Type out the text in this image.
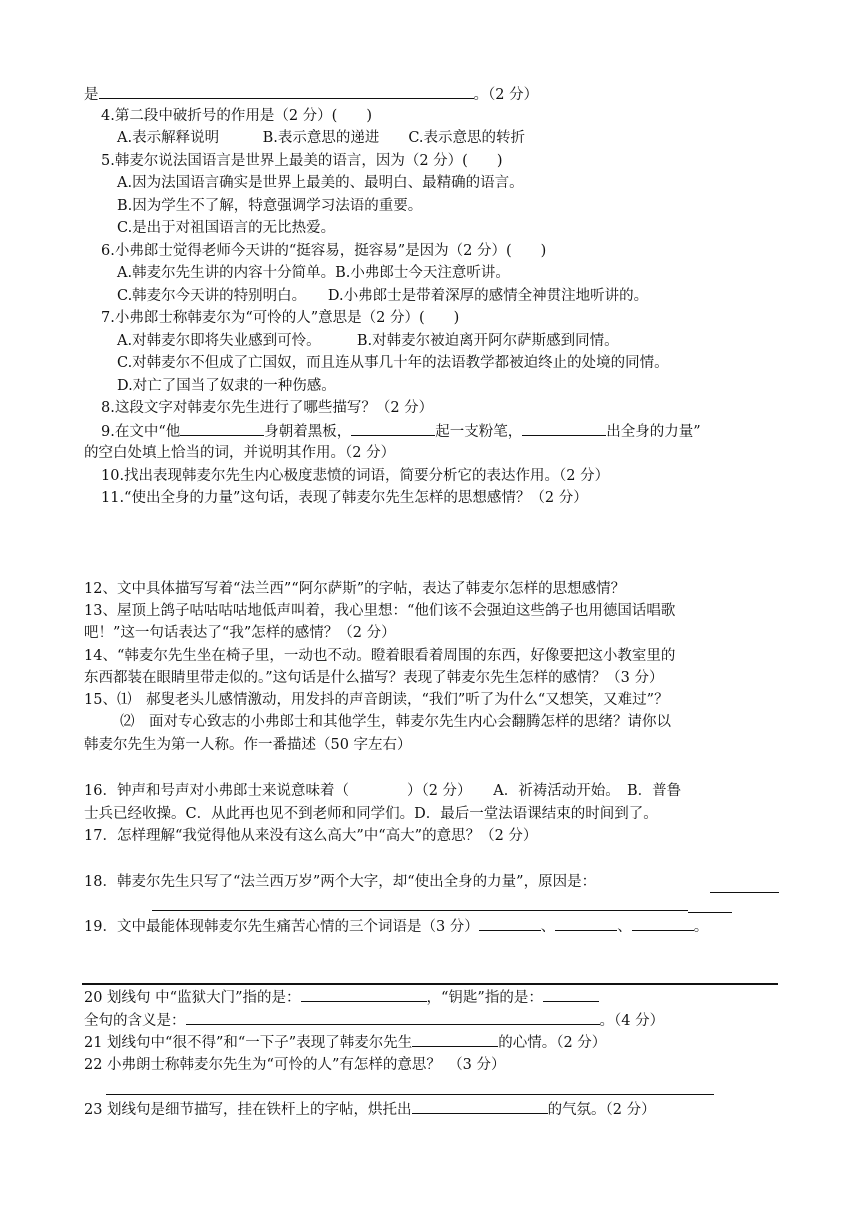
是	。（2 分）
4.第二段中破折号的作用是（2 分）(　　)
A.表示解释说明　　　B.表示意思的递进　　C.表示意思的转折
5.韩麦尔说法国语言是世界上最美的语言，因为（2 分）(　　)
A.因为法国语言确实是世界上最美的、最明白、最精确的语言。
B.因为学生不了解，特意强调学习法语的重要。
C.是出于对祖国语言的无比热爱。
6.小弗郎士觉得老师今天讲的“挺容易，挺容易”是因为（2 分）(　　)
A.韩麦尔先生讲的内容十分简单。B.小弗郎士今天注意听讲。
C.韩麦尔今天讲的特别明白。　　D.小弗郎士是带着深厚的感情全神贯注地听讲的。
7.小弗郎士称韩麦尔为“可怜的人”意思是（2 分）(　　)
A.对韩麦尔即将失业感到可怜。　　　B.对韩麦尔被迫离开阿尔萨斯感到同情。
C.对韩麦尔不但成了亡国奴，而且连从事几十年的法语教学都被迫终止的处境的同情。
D.对亡了国当了奴隶的一种伤感。
8.这段文字对韩麦尔先生进行了哪些描写？（2 分）
9.在文中“他	身朝着黑板，	起一支粉笔，	出全身的力量”
的空白处填上恰当的词，并说明其作用。（2 分）
10.找出表现韩麦尔先生内心极度悲愤的词语，简要分析它的表达作用。（2 分）
11.“使出全身的力量”这句话，表现了韩麦尔先生怎样的思想感情？（2 分）
12、文中具体描写写着“法兰西”“阿尔萨斯”的字帖，表达了韩麦尔怎样的思想感情？
13、屋顶上鸽子咕咕咕咕地低声叫着，我心里想：“他们该不会强迫这些鸽子也用德国话唱歌
吧！”这一句话表达了“我”怎样的感情？（2 分）
14、“韩麦尔先生坐在椅子里，一动也不动。瞪着眼看着周围的东西，好像要把这小教室里的
东西都装在眼睛里带走似的。”这句话是什么描写？表现了韩麦尔先生怎样的感情？（3 分）
15、⑴　郝叟老头儿感情激动，用发抖的声音朗读，“我们”听了为什么“又想笑，又难过”？
⑵　面对专心致志的小弗郎士和其他学生，韩麦尔先生内心会翻腾怎样的思绪？请你以
韩麦尔先生为第一人称。作一番描述（50 字左右）
16．钟声和号声对小弗郎士来说意味着（　　　　）（2 分）　　A．祈祷活动开始。　B．普鲁
士兵已经收操。C．从此再也见不到老师和同学们。D．最后一堂法语课结束的时间到了。
17．怎样理解“我觉得他从来没有这么高大”中“高大”的意思？（2 分）
18．韩麦尔先生只写了“法兰西万岁”两个大字，却“使出全身的力量”，原因是：
19．文中最能体现韩麦尔先生痛苦心情的三个词语是（3 分）	、	、	。
20 划线句 中“监狱大门”指的是：	，“钥匙”指的是：
全句的含义是：	。（4 分）
21 划线句中“很不得”和“一下子”表现了韩麦尔先生	的心情。（2 分）
22 小弗朗士称韩麦尔先生为“可怜的人”有怎样的意思？　（3 分）
23 划线句是细节描写，挂在铁杆上的字帖，烘托出	的气氛。（2 分）
